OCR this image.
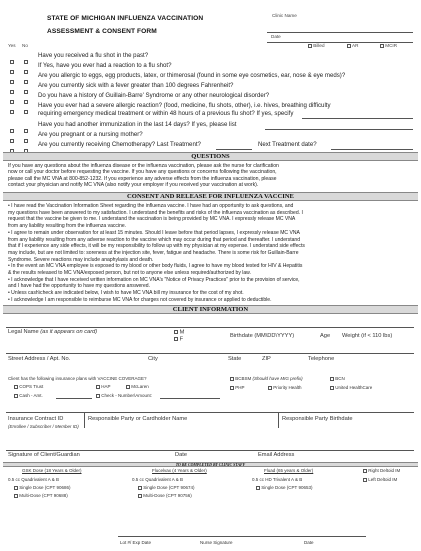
STATE OF MICHIGAN INFLUENZA VACCINATION
ASSESSMENT & CONSENT FORM
Clinic Name
Date
Billed	AR	MCIR
Yes No
Have you received a flu shot in the past?
If Yes, have you ever had a reaction to a flu shot?
Are you allergic to eggs, egg products, latex, or thimerosal (found in some eye cosmetics, ear, nose & eye meds)?
Are you currently sick with a fever greater than 100 degrees Fahrenheit?
Do you have a history of Guillain-Barre' Syndrome or any other neurological disorder?
Have you ever had a severe allergic reaction? (food, medicine, flu shots, other), i.e. hives, breathing difficulty
requiring emergency medical treatment or within 48 hours of a previous flu shot? If yes, specify
Have you had another immunization in the last 14 days? If yes, please list
Are you pregnant or a nursing mother?
Are you currently receiving Chemotherapy? Last Treatment?	Next Treatment date?
QUESTIONS
If you have any questions about the influenza disease or the influenza vaccination, please ask the nurse for clarification
now or call your doctor before requesting the vaccine. If you have any questions or concerns following the vaccination,
please call the MC VNA at 800-852-1232. If you experience any adverse effects from the influenza vaccination, please
contact your physician and notify MC VNA (also notify your employer if you received your vaccination at work).
CONSENT AND RELEASE FOR INFLUENZA VACCINE
• I have read the Vaccination Information Sheet regarding the influenza vaccine. I have had an opportunity to ask questions, and
my questions have been answered to my satisfaction. I understand the benefits and risks of the influenza vaccination as described. I
request that the vaccine be given to me. I understand the vaccination is being provided by MC VNA. I expressly release MC VNA
from any liability resulting from the influenza vaccine.
• I agree to remain under observation for at least 15 minutes. Should I leave before that period lapses, I expressly release MC VNA
from any liability resulting from any adverse reaction to the vaccine which may occur during that period and thereafter. I understand
that if I experience any side effects, it will be my responsibility to follow up with my physician at my expense. I understand side effects
may include, but are not limited to: soreness at the injection site, fever, fatigue and headache. There is some risk for Guillain-Barre
Syndrome. Severe reactions may include anaphylaxis and death.
• In the event an MC VNA employee is exposed to my blood or other body fluids, I agree to have my blood tested for HIV & Hepatitis
& the results released to MC VNA/exposed person, but not to anyone else unless required/authorized by law.
• I acknowledge that I have received written information on MC VNA's "Notice of Privacy Practices" prior to the provision of service,
and I have had the opportunity to have my questions answered.
• Unless cash\check are indicated below, I wish to have MC VNA bill my insurance for the cost of my shot.
• I acknowledge I am responsible to reimburse MC VNA for charges not covered by insurance or applied to deductible.
CLIENT INFORMATION
Legal Name (as it appears on card)	M
F
Birthdate (MM\DD\YYYY)	Age Weight (if < 110 lbs)
Street Address / Apt. No.	City	State	ZIP	Telephone
Client has the following insurance plans with VACCINE COVERAGE?	BCBSM (Should have MIG prefix)	BCN
COPS Trust	HAP	McLaren	PHP	Priority Health	United HealthCare
Cash - Amt.	Check - Number\Amount:
Insurance Contract ID
(Enrollee / Subscriber / Member ID)
Responsible Party or Cardholder Name	Responsible Party Birthdate
Signature of Client/Guardian	Date	Email Address
TO BE COMPLETED BY CLINIC STAFF
GSK Dose (18 Years & Older)
0.5 cc Quadrivalent A & B
Single Dose (CPT 90686)
Multi-Dose (CPT 90688)
Flucelvax (4 Years & Older)
0.5 cc Quadrivalent A & B
Single Dose (CPT 90674)
Multi-Dose (CPT 90756)
Fluad (65 years & Older)
0.5 cc HD Trivalent A & B
Single Dose (CPT 90653)
Right Deltoid IM
Left Deltoid IM
Lot #/ Exp Date	Nurse Signature	Date
